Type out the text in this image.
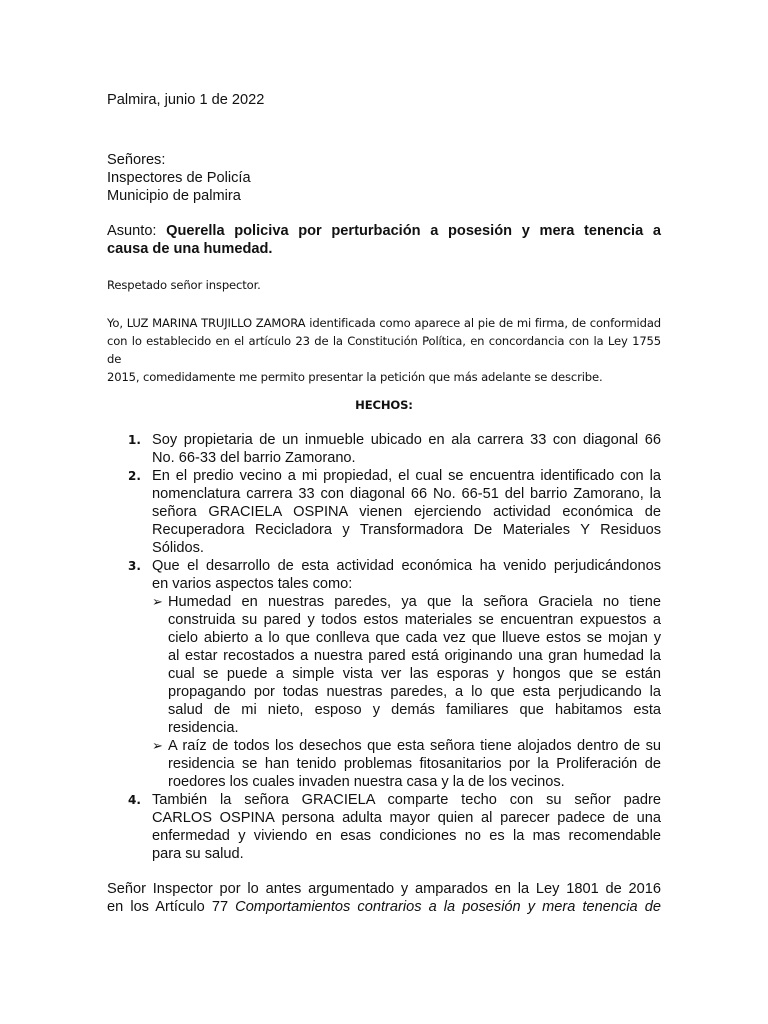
Palmira, junio 1 de 2022
Señores:
Inspectores de Policía
Municipio de palmira
Asunto: Querella policiva por perturbación a posesión y mera tenencia a
causa de una humedad.
Respetado señor inspector.
Yo, LUZ MARINA TRUJILLO ZAMORA identificada como aparece al pie de mi firma, de conformidad
con lo establecido en el artículo 23 de la Constitución Política, en concordancia con la Ley 1755 de
2015, comedidamente me permito presentar la petición que más adelante se describe.
HECHOS:
1. Soy propietaria de un inmueble ubicado en ala carrera 33 con diagonal 66
No. 66-33 del barrio Zamorano.
2. En el predio vecino a mi propiedad, el cual se encuentra identificado con la
nomenclatura carrera 33 con diagonal 66 No. 66-51 del barrio Zamorano, la
señora GRACIELA OSPINA vienen ejerciendo actividad económica de
Recuperadora Recicladora y Transformadora De Materiales Y Residuos
Sólidos.
3. Que el desarrollo de esta actividad económica ha venido perjudicándonos
en varios aspectos tales como:
➢ Humedad en nuestras paredes, ya que la señora Graciela no tiene
construida su pared y todos estos materiales se encuentran expuestos a
cielo abierto a lo que conlleva que cada vez que llueve estos se mojan y
al estar recostados a nuestra pared está originando una gran humedad la
cual se puede a simple vista ver las esporas y hongos que se están
propagando por todas nuestras paredes, a lo que esta perjudicando la
salud de mi nieto, esposo y demás familiares que habitamos esta
residencia.
➢ A raíz de todos los desechos que esta señora tiene alojados dentro de su
residencia se han tenido problemas fitosanitarios por la Proliferación de
roedores los cuales invaden nuestra casa y la de los vecinos.
4. También la señora GRACIELA comparte techo con su señor padre
CARLOS OSPINA persona adulta mayor quien al parecer padece de una
enfermedad y viviendo en esas condiciones no es la mas recomendable
para su salud.
Señor Inspector por lo antes argumentado y amparados en la Ley 1801 de 2016
en los Artículo 77 Comportamientos contrarios a la posesión y mera tenencia de
